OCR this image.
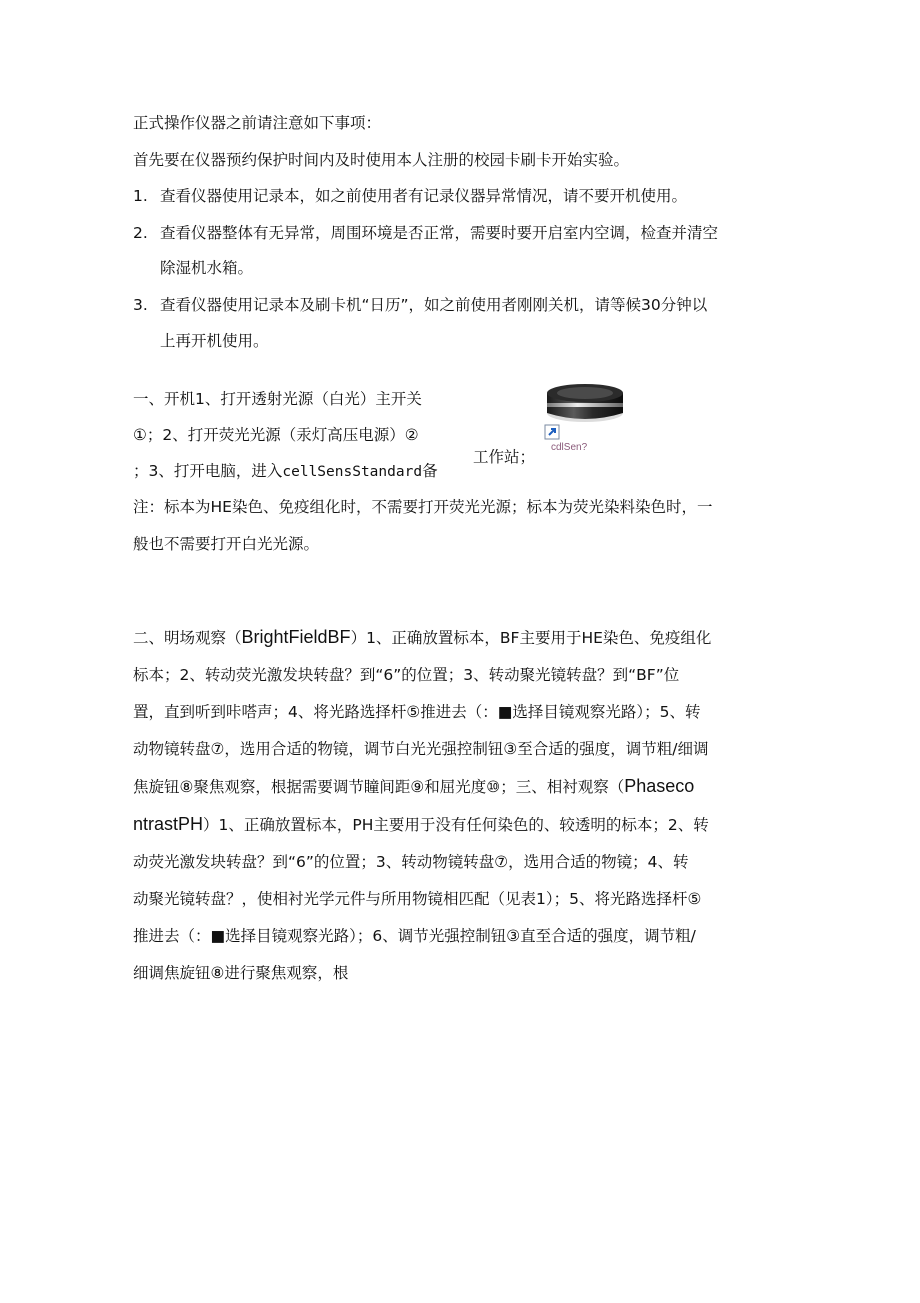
正式操作仪器之前请注意如下事项：
首先要在仪器预约保护时间内及时使用本人注册的校园卡刷卡开始实验。
1. 查看仪器使用记录本，如之前使用者有记录仪器异常情况，请不要开机使用。
2. 查看仪器整体有无异常，周围环境是否正常，需要时要开启室内空调，检查并清空
除湿机水箱。
3. 查看仪器使用记录本及刷卡机“日历”，如之前使用者刚刚关机，请等候30分钟以
上再开机使用。
一、开机1、打开透射光源（白光）主开关
①；2、打开荧光光源（汞灯高压电源）②
；3、打开电脑，进入cellSensStandard备
工作站；
cdlSen?
注：标本为HE染色、免疫组化时，不需要打开荧光光源；标本为荧光染料染色时，一
般也不需要打开白光光源。
二、明场观察（BrightFieldBF）1、正确放置标本，BF主要用于HE染色、免疫组化
标本；2、转动荧光激发块转盘？到“6”的位置；3、转动聚光镜转盘？到“BF”位
置，直到听到咔嗒声；4、将光路选择杆⑤推进去（：■选择目镜观察光路）；5、转
动物镜转盘⑦，选用合适的物镜，调节白光光强控制钮③至合适的强度，调节粗/细调
焦旋钮⑧聚焦观察，根据需要调节瞳间距⑨和屈光度⑩；三、相衬观察（Phaseco
ntrastPH）1、正确放置标本，PH主要用于没有任何染色的、较透明的标本；2、转
动荧光激发块转盘？到“6”的位置；3、转动物镜转盘⑦，选用合适的物镜；4、转
动聚光镜转盘？，使相衬光学元件与所用物镜相匹配（见表1）；5、将光路选择杆⑤
推进去（：■选择目镜观察光路）；6、调节光强控制钮③直至合适的强度，调节粗/
细调焦旋钮⑧进行聚焦观察，根
